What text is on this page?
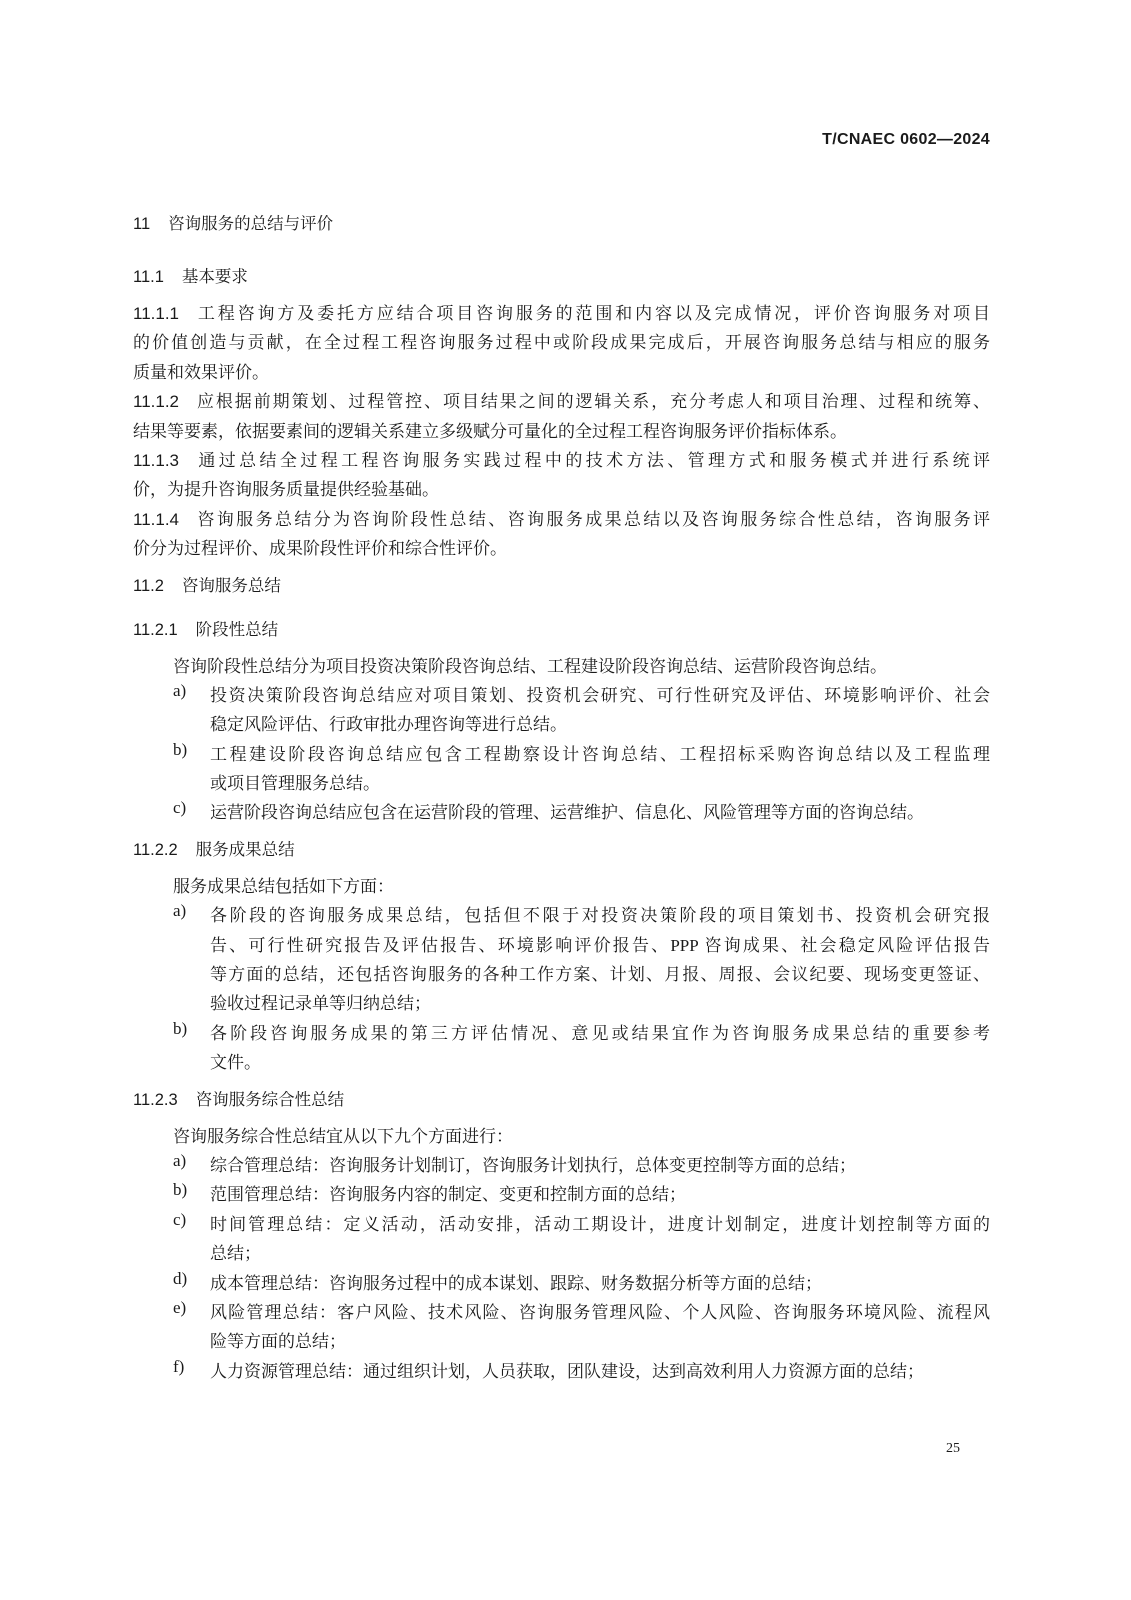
T/CNAEC 0602—2024
11 咨询服务的总结与评价
11.1 基本要求
11.1.1 工程咨询方及委托方应结合项目咨询服务的范围和内容以及完成情况，评价咨询服务对项目
的价值创造与贡献，在全过程工程咨询服务过程中或阶段成果完成后，开展咨询服务总结与相应的服务
质量和效果评价。
11.1.2 应根据前期策划、过程管控、项目结果之间的逻辑关系，充分考虑人和项目治理、过程和统筹、
结果等要素，依据要素间的逻辑关系建立多级赋分可量化的全过程工程咨询服务评价指标体系。
11.1.3 通过总结全过程工程咨询服务实践过程中的技术方法、管理方式和服务模式并进行系统评
价，为提升咨询服务质量提供经验基础。
11.1.4 咨询服务总结分为咨询阶段性总结、咨询服务成果总结以及咨询服务综合性总结，咨询服务评
价分为过程评价、成果阶段性评价和综合性评价。
11.2 咨询服务总结
11.2.1 阶段性总结
咨询阶段性总结分为项目投资决策阶段咨询总结、工程建设阶段咨询总结、运营阶段咨询总结。
a) 投资决策阶段咨询总结应对项目策划、投资机会研究、可行性研究及评估、环境影响评价、社会
稳定风险评估、行政审批办理咨询等进行总结。
b) 工程建设阶段咨询总结应包含工程勘察设计咨询总结、工程招标采购咨询总结以及工程监理
或项目管理服务总结。
c) 运营阶段咨询总结应包含在运营阶段的管理、运营维护、信息化、风险管理等方面的咨询总结。
11.2.2 服务成果总结
服务成果总结包括如下方面：
a) 各阶段的咨询服务成果总结，包括但不限于对投资决策阶段的项目策划书、投资机会研究报
告、可行性研究报告及评估报告、环境影响评价报告、PPP 咨询成果、社会稳定风险评估报告
等方面的总结，还包括咨询服务的各种工作方案、计划、月报、周报、会议纪要、现场变更签证、
验收过程记录单等归纳总结；
b) 各阶段咨询服务成果的第三方评估情况、意见或结果宜作为咨询服务成果总结的重要参考
文件。
11.2.3 咨询服务综合性总结
咨询服务综合性总结宜从以下九个方面进行：
a) 综合管理总结：咨询服务计划制订，咨询服务计划执行，总体变更控制等方面的总结；
b) 范围管理总结：咨询服务内容的制定、变更和控制方面的总结；
c) 时间管理总结：定义活动，活动安排，活动工期设计，进度计划制定，进度计划控制等方面的
总结；
d) 成本管理总结：咨询服务过程中的成本谋划、跟踪、财务数据分析等方面的总结；
e) 风险管理总结：客户风险、技术风险、咨询服务管理风险、个人风险、咨询服务环境风险、流程风
险等方面的总结；
f) 人力资源管理总结：通过组织计划，人员获取，团队建设，达到高效利用人力资源方面的总结；
25
